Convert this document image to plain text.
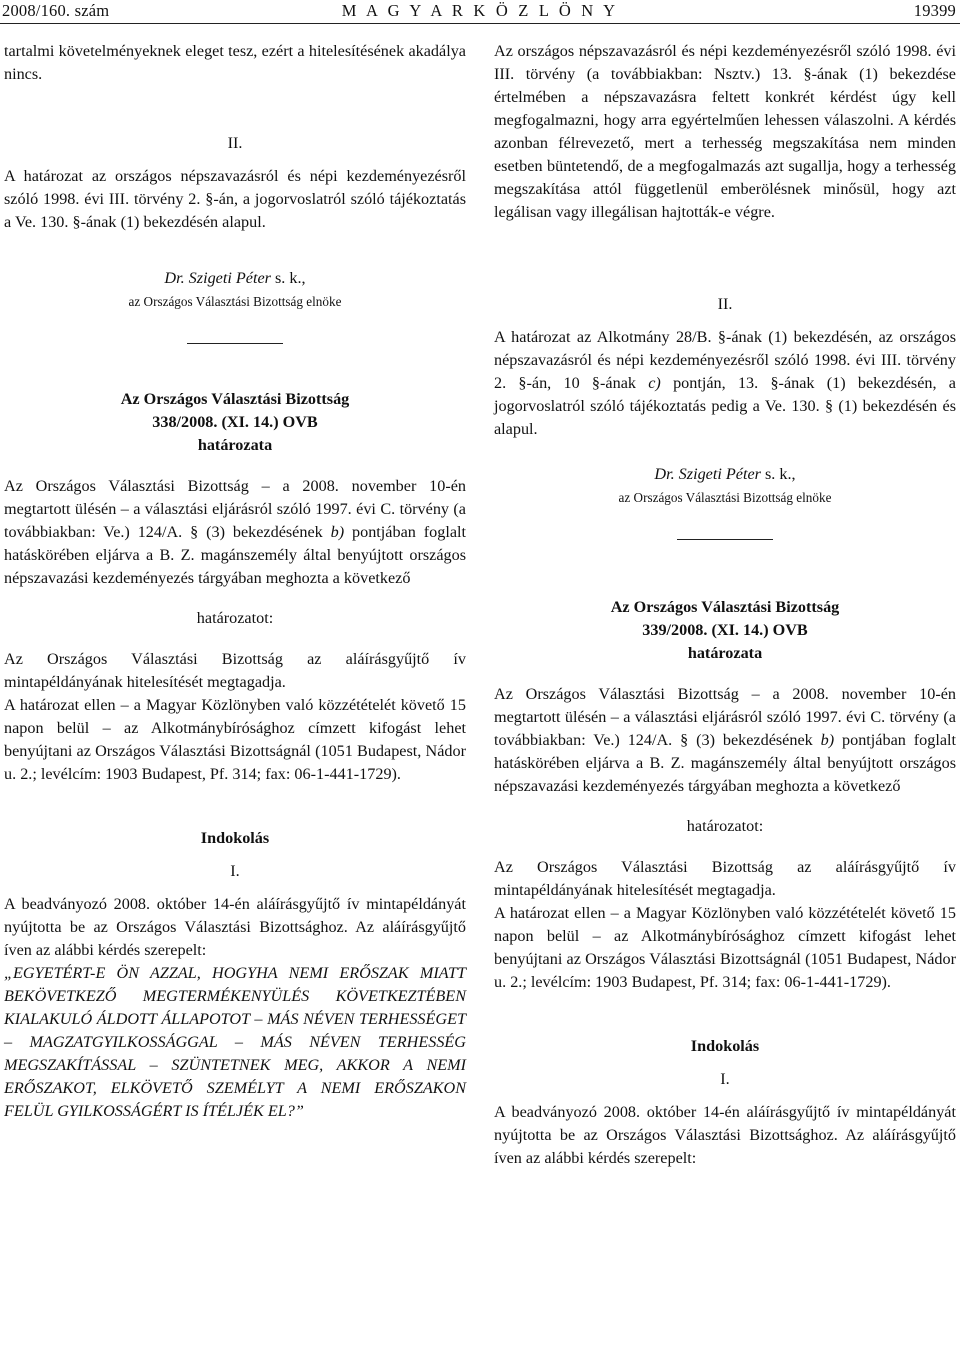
2008/160. szám	M A G Y A R K Ö Z L Ö N Y	19399

tartalmi követelményeknek eleget tesz, ezért a hitelesítésének akadálya nincs.

II.

A határozat az országos népszavazásról és népi kezdeményezésről szóló 1998. évi III. törvény 2. §-án, a jogorvoslatról szóló tájékoztatás a Ve. 130. §-ának (1) bekezdésén alapul.

Dr. Szigeti Péter s. k.,

az Országos Választási Bizottság elnöke

Az Országos Választási Bizottság

338/2008. (XI. 14.) OVB

határozata

Az Országos Választási Bizottság – a 2008. november 10-én megtartott ülésén – a választási eljárásról szóló 1997. évi C. törvény (a továbbiakban: Ve.) 124/A. § (3) bekezdésének b) pontjában foglalt hatáskörében eljárva a B. Z. magánszemély által benyújtott országos népszavazási kezdeményezés tárgyában meghozta a következő

határozatot:

Az Országos Választási Bizottság az aláírásgyűjtő ív mintapéldányának hitelesítését megtagadja.

A határozat ellen – a Magyar Közlönyben való közzétételét követő 15 napon belül – az Alkotmánybírósághoz címzett kifogást lehet benyújtani az Országos Választási Bizottságnál (1051 Budapest, Nádor u. 2.; levélcím: 1903 Budapest, Pf. 314; fax: 06-1-441-1729).

Indokolás

I.

A beadványozó 2008. október 14-én aláírásgyűjtő ív mintapéldányát nyújtotta be az Országos Választási Bizottsághoz. Az aláírásgyűjtő íven az alábbi kérdés szerepelt:

„EGYETÉRT-E ÖN AZZAL, HOGYHA NEMI ERŐSZAK MIATT BEKÖVETKEZŐ MEGTERMÉKENYÜLÉS KÖVETKEZTÉBEN KIALAKULÓ ÁLDOTT ÁLLAPOTOT – MÁS NÉVEN TERHESSÉGET – MAGZATGYILKOSSÁGGAL – MÁS NÉVEN TERHESSÉG MEGSZAKÍTÁSSAL – SZÜNTETNEK MEG, AKKOR A NEMI ERŐSZAKOT, ELKÖVETŐ SZEMÉLYT A NEMI ERŐSZAKON FELÜL GYILKOSSÁGÉRT IS ÍTÉLJÉK EL?”

Az országos népszavazásról és népi kezdeményezésről szóló 1998. évi III. törvény (a továbbiakban: Nsztv.) 13. §-ának (1) bekezdése értelmében a népszavazásra feltett konkrét kérdést úgy kell megfogalmazni, hogy arra egyértelműen lehessen válaszolni. A kérdés azonban félrevezető, mert a terhesség megszakítása nem minden esetben büntetendő, de a megfogalmazás azt sugallja, hogy a terhesség megszakítása attól függetlenül emberölésnek minősül, hogy azt legálisan vagy illegálisan hajtották-e végre.

II.

A határozat az Alkotmány 28/B. §-ának (1) bekezdésén, az országos népszavazásról és népi kezdeményezésről szóló 1998. évi III. törvény 2. §-án, 10 §-ának c) pontján, 13. §-ának (1) bekezdésén, a jogorvoslatról szóló tájékoztatás pedig a Ve. 130. § (1) bekezdésén és alapul.

Dr. Szigeti Péter s. k.,

az Országos Választási Bizottság elnöke

Az Országos Választási Bizottság

339/2008. (XI. 14.) OVB

határozata

Az Országos Választási Bizottság – a 2008. november 10-én megtartott ülésén – a választási eljárásról szóló 1997. évi C. törvény (a továbbiakban: Ve.) 124/A. § (3) bekezdésének b) pontjában foglalt hatáskörében eljárva a B. Z. magánszemély által benyújtott országos népszavazási kezdeményezés tárgyában meghozta a következő

határozatot:

Az Országos Választási Bizottság az aláírásgyűjtő ív mintapéldányának hitelesítését megtagadja.

A határozat ellen – a Magyar Közlönyben való közzétételét követő 15 napon belül – az Alkotmánybírósághoz címzett kifogást lehet benyújtani az Országos Választási Bizottságnál (1051 Budapest, Nádor u. 2.; levélcím: 1903 Budapest, Pf. 314; fax: 06-1-441-1729).

Indokolás

I.

A beadványozó 2008. október 14-én aláírásgyűjtő ív mintapéldányát nyújtotta be az Országos Választási Bizottsághoz. Az aláírásgyűjtő íven az alábbi kérdés szerepelt:
